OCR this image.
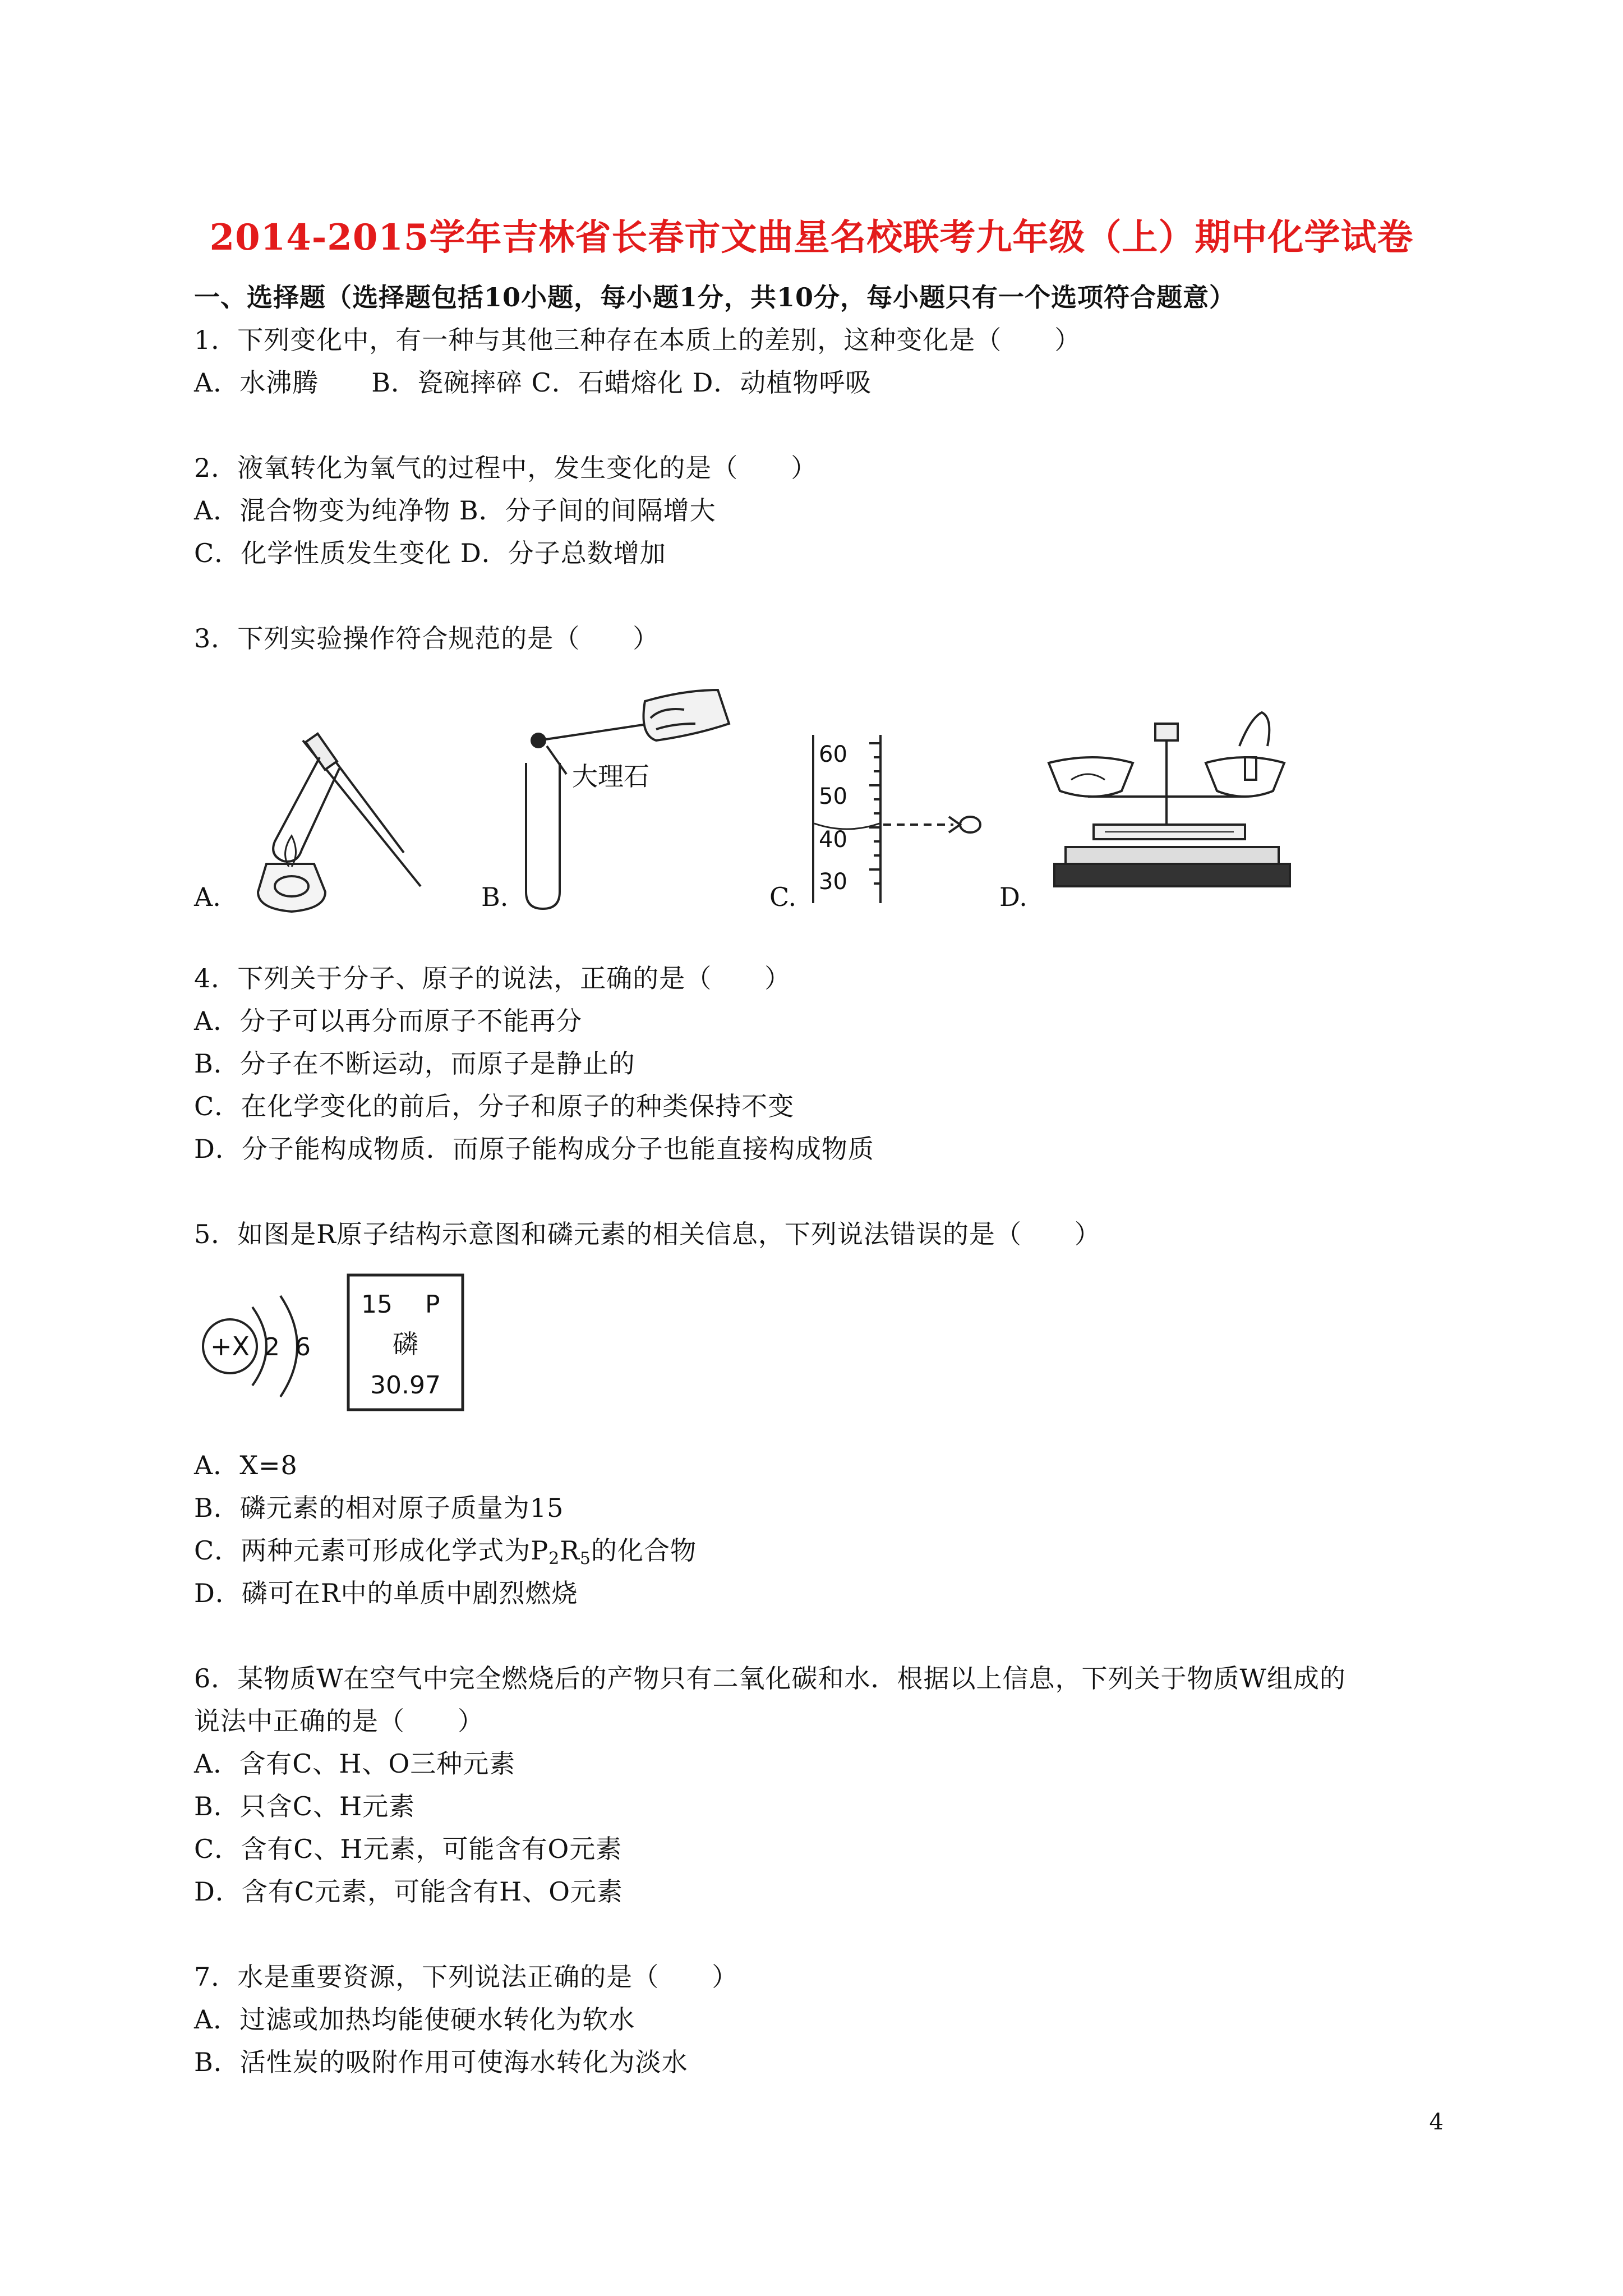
2014-2015学年吉林省长春市文曲星名校联考九年级（上）期中化学试卷
一、选择题（选择题包括10小题，每小题1分，共10分，每小题只有一个选项符合题意）
1．下列变化中，有一种与其他三种存在本质上的差别，这种变化是（　　）
A．水沸腾　　B．瓷碗摔碎 C．石蜡熔化 D．动植物呼吸
2．液氧转化为氧气的过程中，发生变化的是（　　）
A．混合物变为纯净物 B．分子间的间隔增大
C．化学性质发生变化 D．分子总数增加
3．下列实验操作符合规范的是（　　）
A.	B.	C.	D.
大理石
60
50
40
30
4．下列关于分子、原子的说法，正确的是（　　）
A．分子可以再分而原子不能再分
B．分子在不断运动，而原子是静止的
C．在化学变化的前后，分子和原子的种类保持不变
D．分子能构成物质．而原子能构成分子也能直接构成物质
5．如图是R原子结构示意图和磷元素的相关信息，下列说法错误的是（　　）
+X 2 6
15 P
磷
30.97
A．X=8
B．磷元素的相对原子质量为15
C．两种元素可形成化学式为$P_2R_5$的化合物
D．磷可在R中的单质中剧烈燃烧
6．某物质W在空气中完全燃烧后的产物只有二氧化碳和水．根据以上信息，下列关于物质W组成的
说法中正确的是（　　）
A．含有C、H、O三种元素
B．只含C、H元素
C．含有C、H元素，可能含有O元素
D．含有C元素，可能含有H、O元素
7．水是重要资源，下列说法正确的是（　　）
A．过滤或加热均能使硬水转化为软水
B．活性炭的吸附作用可使海水转化为淡水
4
